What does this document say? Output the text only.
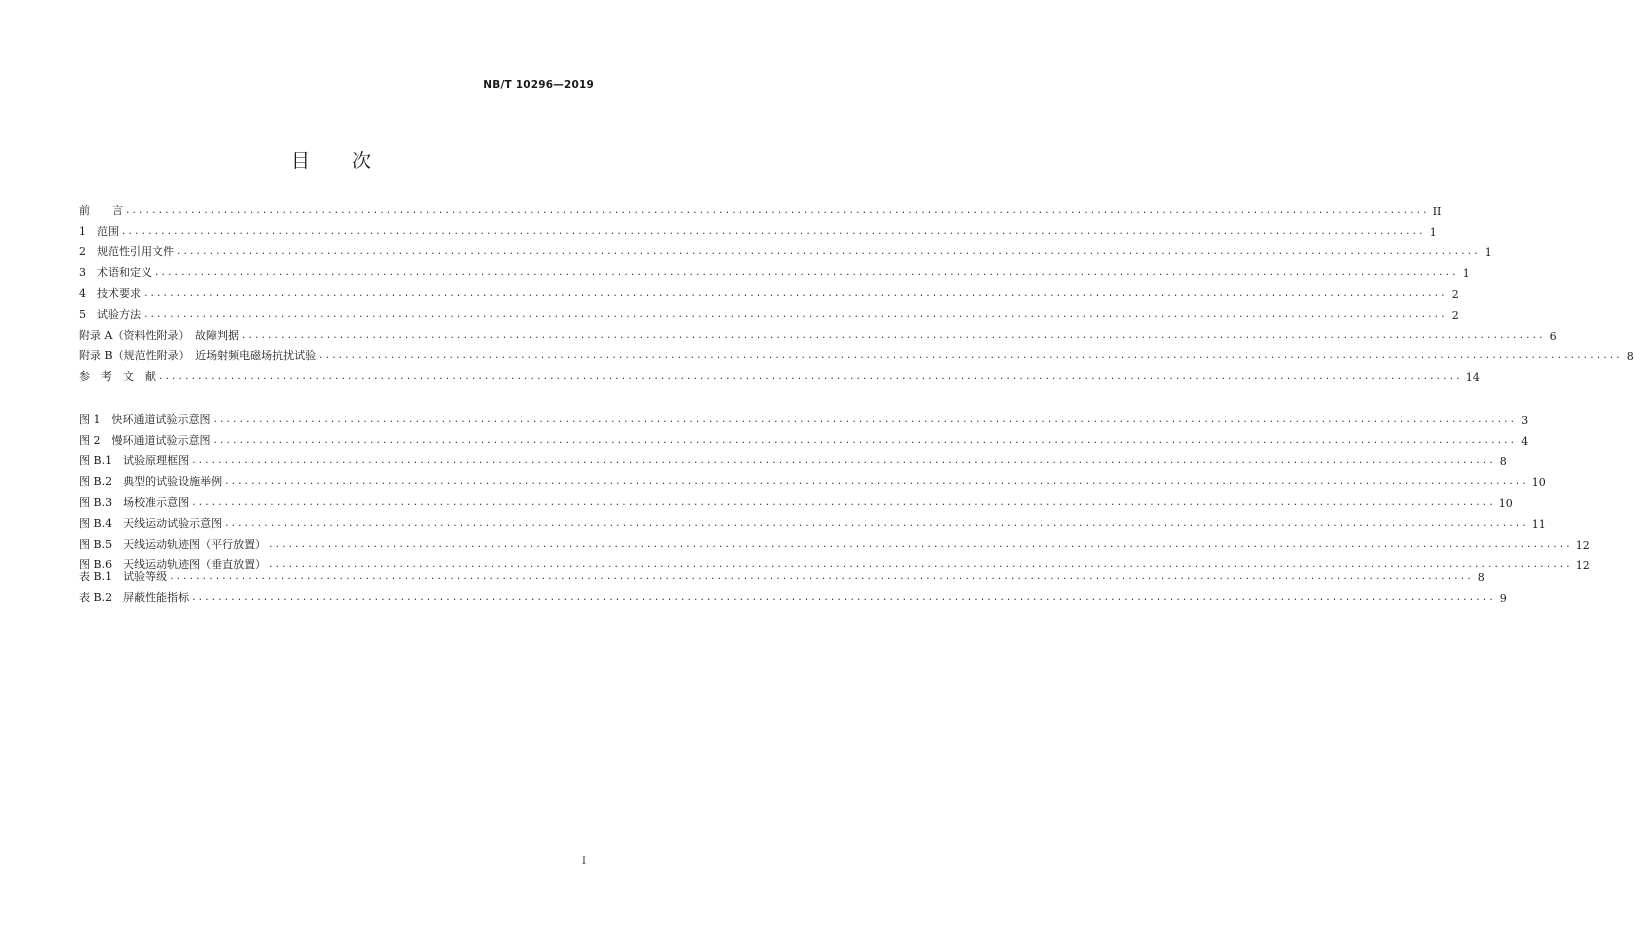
NB/T 10296—2019
目 次
前　　言 ........................................................................................................................................................................................................ II
1　范围 ........................................................................................................................................................................................................ 1
2　规范性引用文件 ........................................................................................................................................................................................................ 1
3　术语和定义 ........................................................................................................................................................................................................ 1
4　技术要求 ........................................................................................................................................................................................................ 2
5　试验方法 ........................................................................................................................................................................................................ 2
附录 A（资料性附录）　故障判据 ........................................................................................................................................................................................................ 6
附录 B（规范性附录）　近场射频电磁场抗扰试验 ........................................................................................................................................................................................................ 8
参　考　文　献 ........................................................................................................................................................................................................ 14
图 1　快环通道试验示意图 ........................................................................................................................................................................................................ 3
图 2　慢环通道试验示意图 ........................................................................................................................................................................................................ 4
图 B.1　试验原理框图 ........................................................................................................................................................................................................ 8
图 B.2　典型的试验设施举例 ........................................................................................................................................................................................................ 10
图 B.3　场校准示意图 ........................................................................................................................................................................................................ 10
图 B.4　天线运动试验示意图 ........................................................................................................................................................................................................ 11
图 B.5　天线运动轨迹图（平行放置） ........................................................................................................................................................................................................ 12
图 B.6　天线运动轨迹图（垂直放置） ........................................................................................................................................................................................................ 12
表 B.1　试验等级 ........................................................................................................................................................................................................ 8
表 B.2　屏蔽性能指标 ........................................................................................................................................................................................................ 9
I
